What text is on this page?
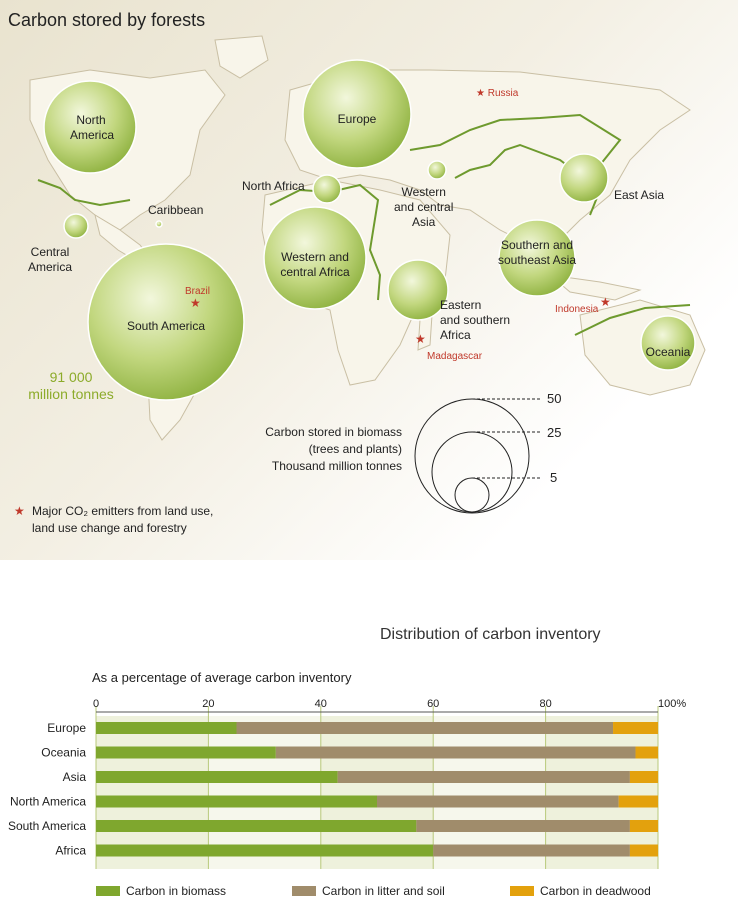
Carbon stored by forests
North
America
Europe
North Africa	Western
and central
Asia
East Asia
Caribbean
Central
America
Western and
central Africa
Southern and
southeast Asia
South America
Eastern
and southern
Africa
Oceania
★ Russia
Brazil
★	★
Indonesia
★
Madagascar
91 000
million tonnes
Carbon stored in biomass
(trees and plants)
Thousand million tonnes
50
25
5
★ Major CO₂ emitters from land use,
land use change and forestry
Distribution of carbon inventory
As a percentage of average carbon inventory
0	20	40	60	80	100%
Europe
Oceania
Asia
North America
South America
Africa
Carbon in biomass	Carbon in litter and soil	Carbon in deadwood
